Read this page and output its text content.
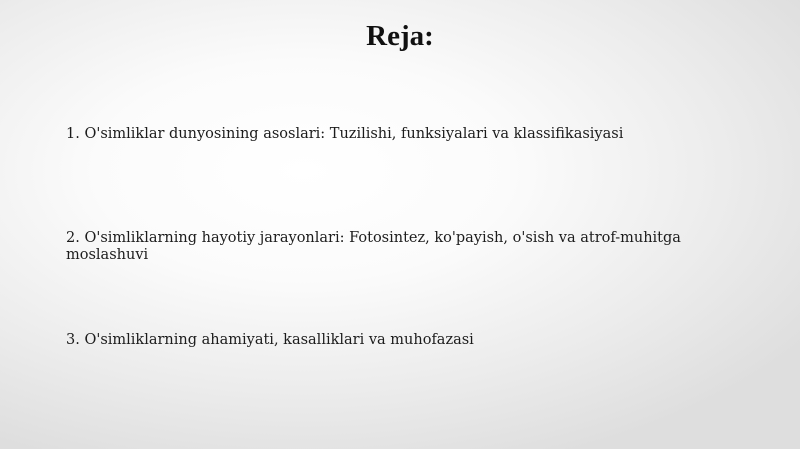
Reja:
1. O'simliklar dunyosining asoslari: Tuzilishi, funksiyalari va klassifikasiyasi
2. O'simliklarning hayotiy jarayonlari: Fotosintez, ko'payish, o'sish va atrof-muhitga moslashuvi
3. O'simliklarning ahamiyati, kasalliklari va muhofazasi
